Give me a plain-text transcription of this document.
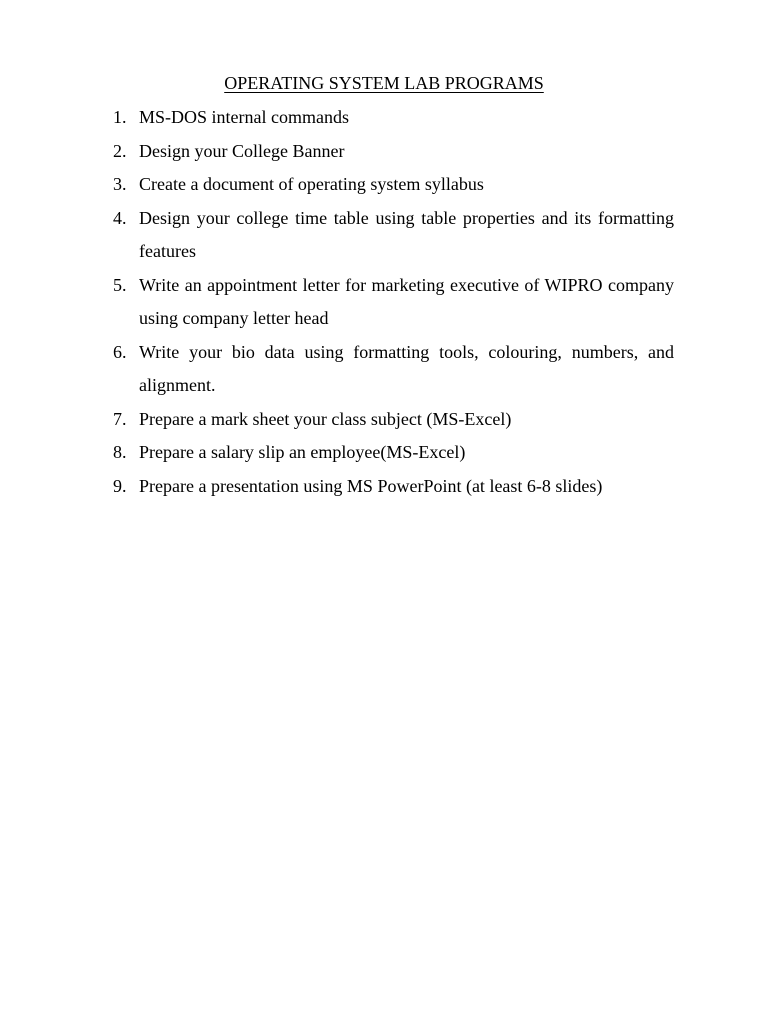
OPERATING SYSTEM LAB PROGRAMS
1. MS-DOS internal commands
2. Design your College Banner
3. Create a document of operating system syllabus
4. Design your college time table using table properties and its formatting features
5. Write an appointment letter for marketing executive of WIPRO company using company letter head
6. Write your bio data using formatting tools, colouring, numbers, and alignment.
7. Prepare a mark sheet your class subject (MS-Excel)
8. Prepare a salary slip an employee(MS-Excel)
9. Prepare a presentation using MS PowerPoint (at least 6-8 slides)
